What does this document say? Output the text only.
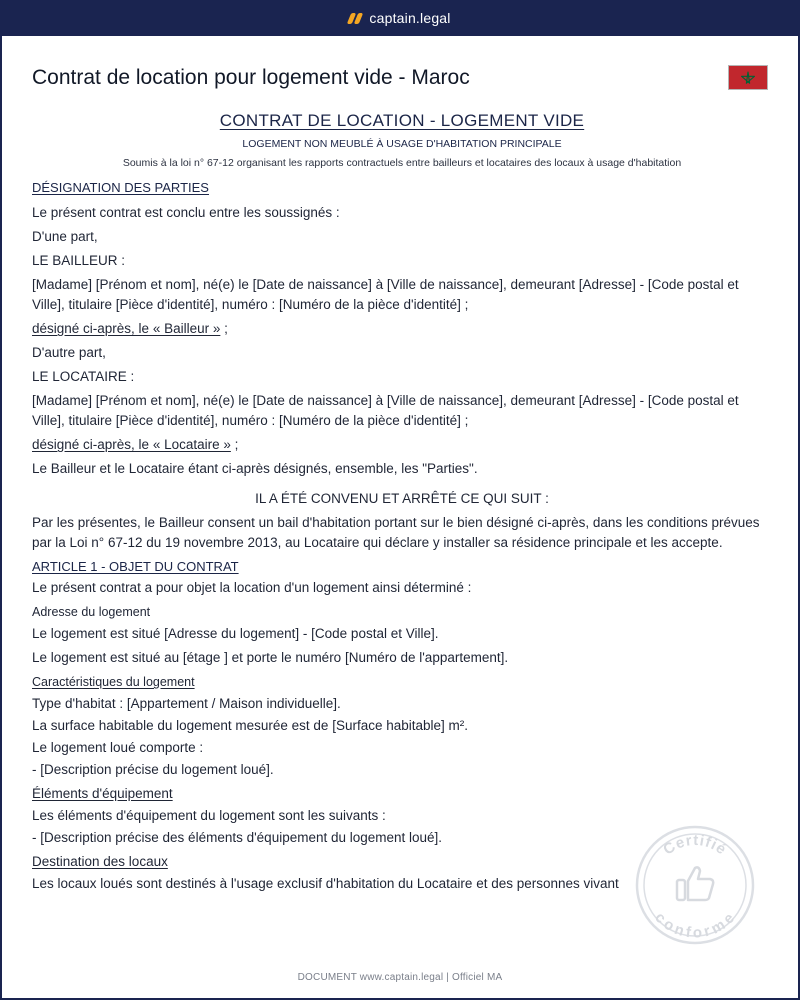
captain.legal
Contrat de location pour logement vide - Maroc
CONTRAT DE LOCATION - LOGEMENT VIDE
LOGEMENT NON MEUBLÉ À USAGE D'HABITATION PRINCIPALE
Soumis à la loi n° 67-12 organisant les rapports contractuels entre bailleurs et locataires des locaux à usage d'habitation
DÉSIGNATION DES PARTIES

Le présent contrat est conclu entre les soussignés :

D'une part,

LE BAILLEUR :

[Madame] [Prénom et nom], né(e) le [Date de naissance] à [Ville de naissance], demeurant [Adresse] - [Code postal et Ville], titulaire [Pièce d'identité], numéro : [Numéro de la pièce d'identité] ;

désigné ci-après, le « Bailleur » ;

D'autre part,

LE LOCATAIRE :

[Madame] [Prénom et nom], né(e) le [Date de naissance] à [Ville de naissance], demeurant [Adresse] - [Code postal et Ville], titulaire [Pièce d'identité], numéro : [Numéro de la pièce d'identité] ;

désigné ci-après, le « Locataire » ;

Le Bailleur et le Locataire étant ci-après désignés, ensemble, les "Parties".

IL A ÉTÉ CONVENU ET ARRÊTÉ CE QUI SUIT :

Par les présentes, le Bailleur consent un bail d'habitation portant sur le bien désigné ci-après, dans les conditions prévues par la Loi n° 67-12 du 19 novembre 2013, au Locataire qui déclare y installer sa résidence principale et les accepte.

ARTICLE 1 - OBJET DU CONTRAT

Le présent contrat a pour objet la location d'un logement ainsi déterminé :

Adresse du logement

Le logement est situé [Adresse du logement] - [Code postal et Ville].

Le logement est situé au [étage ] et porte le numéro [Numéro de l'appartement].

Caractéristiques du logement

Type d'habitat : [Appartement / Maison individuelle].

La surface habitable du logement mesurée est de [Surface habitable] m².

Le logement loué comporte :

- [Description précise du logement loué].

Éléments d'équipement

Les éléments d'équipement du logement sont les suivants :

- [Description précise des éléments d'équipement du logement loué].

Destination des locaux

Les locaux loués sont destinés à l'usage exclusif d'habitation du Locataire et des personnes vivant

Certifié
conforme
DOCUMENT www.captain.legal | Officiel MA
